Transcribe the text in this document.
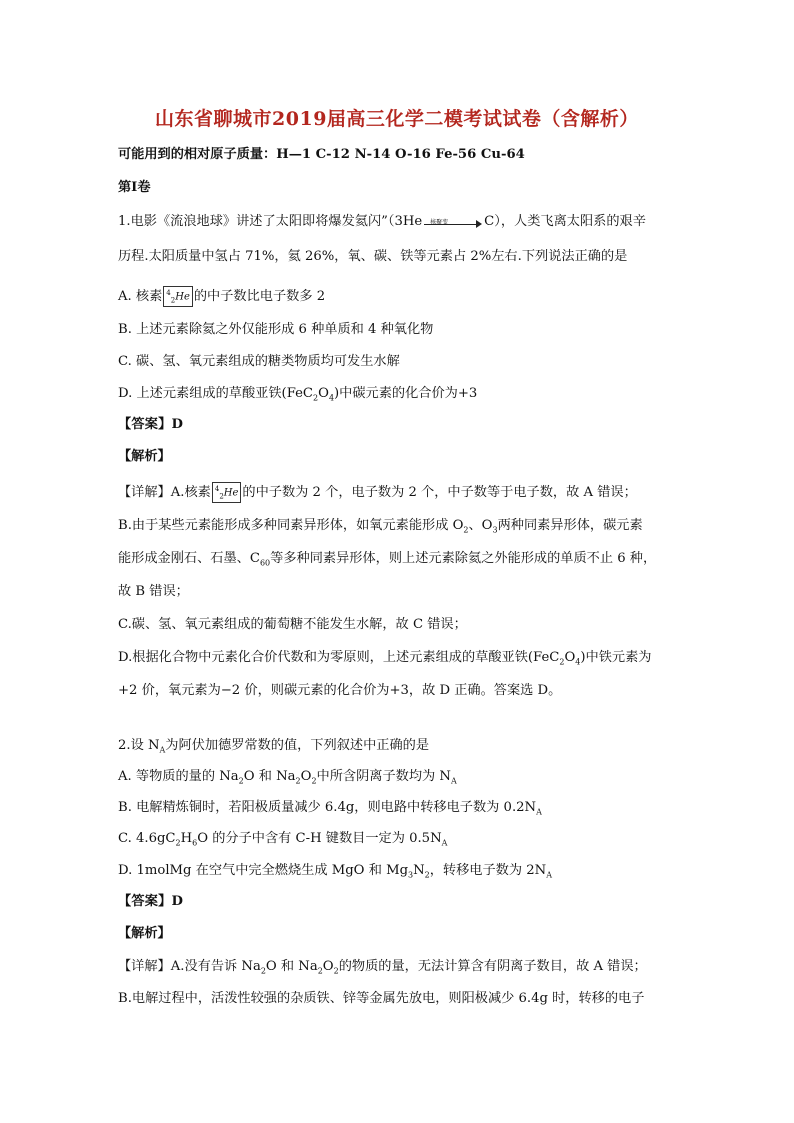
山东省聊城市2019届高三化学二模考试试卷（含解析）
可能用到的相对原子质量：H—1 C-12 N-14 O-16 Fe-56 Cu-64
第Ⅰ卷
1.电影《流浪地球》讲述了太阳即将爆发氦闪”（3He 核聚变	C），人类飞离太阳系的艰辛
历程.太阳质量中氢占 71%，氦 26%，氧、碳、铁等元素占 2%左右.下列说法正确的是
A. 核素 $^4_2$He 的中子数比电子数多 2
B. 上述元素除氦之外仅能形成 6 种单质和 4 种氧化物
C. 碳、氢、氧元素组成的糖类物质均可发生水解
D. 上述元素组成的草酸亚铁$(FeC_2O_4)$中碳元素的化合价为+3
【答案】D
【解析】
【详解】A.核素 $^4_2$He 的中子数为 2 个，电子数为 2 个，中子数等于电子数，故 A 错误；
B.由于某些元素能形成多种同素异形体，如氧元素能形成 $O_2$、$O_3$两种同素异形体，碳元素
能形成金刚石、石墨、$C_{60}$等多种同素异形体，则上述元素除氦之外能形成的单质不止 6 种，
故 B 错误；
C.碳、氢、氧元素组成的葡萄糖不能发生水解，故 C 错误；
D.根据化合物中元素化合价代数和为零原则，上述元素组成的草酸亚铁$(FeC_2O_4)$中铁元素为
+2 价，氧元素为−2 价，则碳元素的化合价为+3，故 D 正确。答案选 D。
2.设 $N_A$为阿伏加德罗常数的值，下列叙述中正确的是
A. 等物质的量的 $Na_2O$ 和 $Na_2O_2$中所含阴离子数均为 $N_A$
B. 电解精炼铜时，若阳极质量减少 6.4g，则电路中转移电子数为 $0.2N_A$
C. $4.6gC_2H_6O$ 的分子中含有 C-H 键数目一定为 $0.5N_A$
D. 1molMg 在空气中完全燃烧生成 MgO 和 $Mg_3N_2$，转移电子数为 $2N_A$
【答案】D
【解析】
【详解】A.没有告诉 $Na_2O$ 和 $Na_2O_2$的物质的量，无法计算含有阴离子数目，故 A 错误；
B.电解过程中，活泼性较强的杂质铁、锌等金属先放电，则阳极减少 6.4g 时，转移的电子
